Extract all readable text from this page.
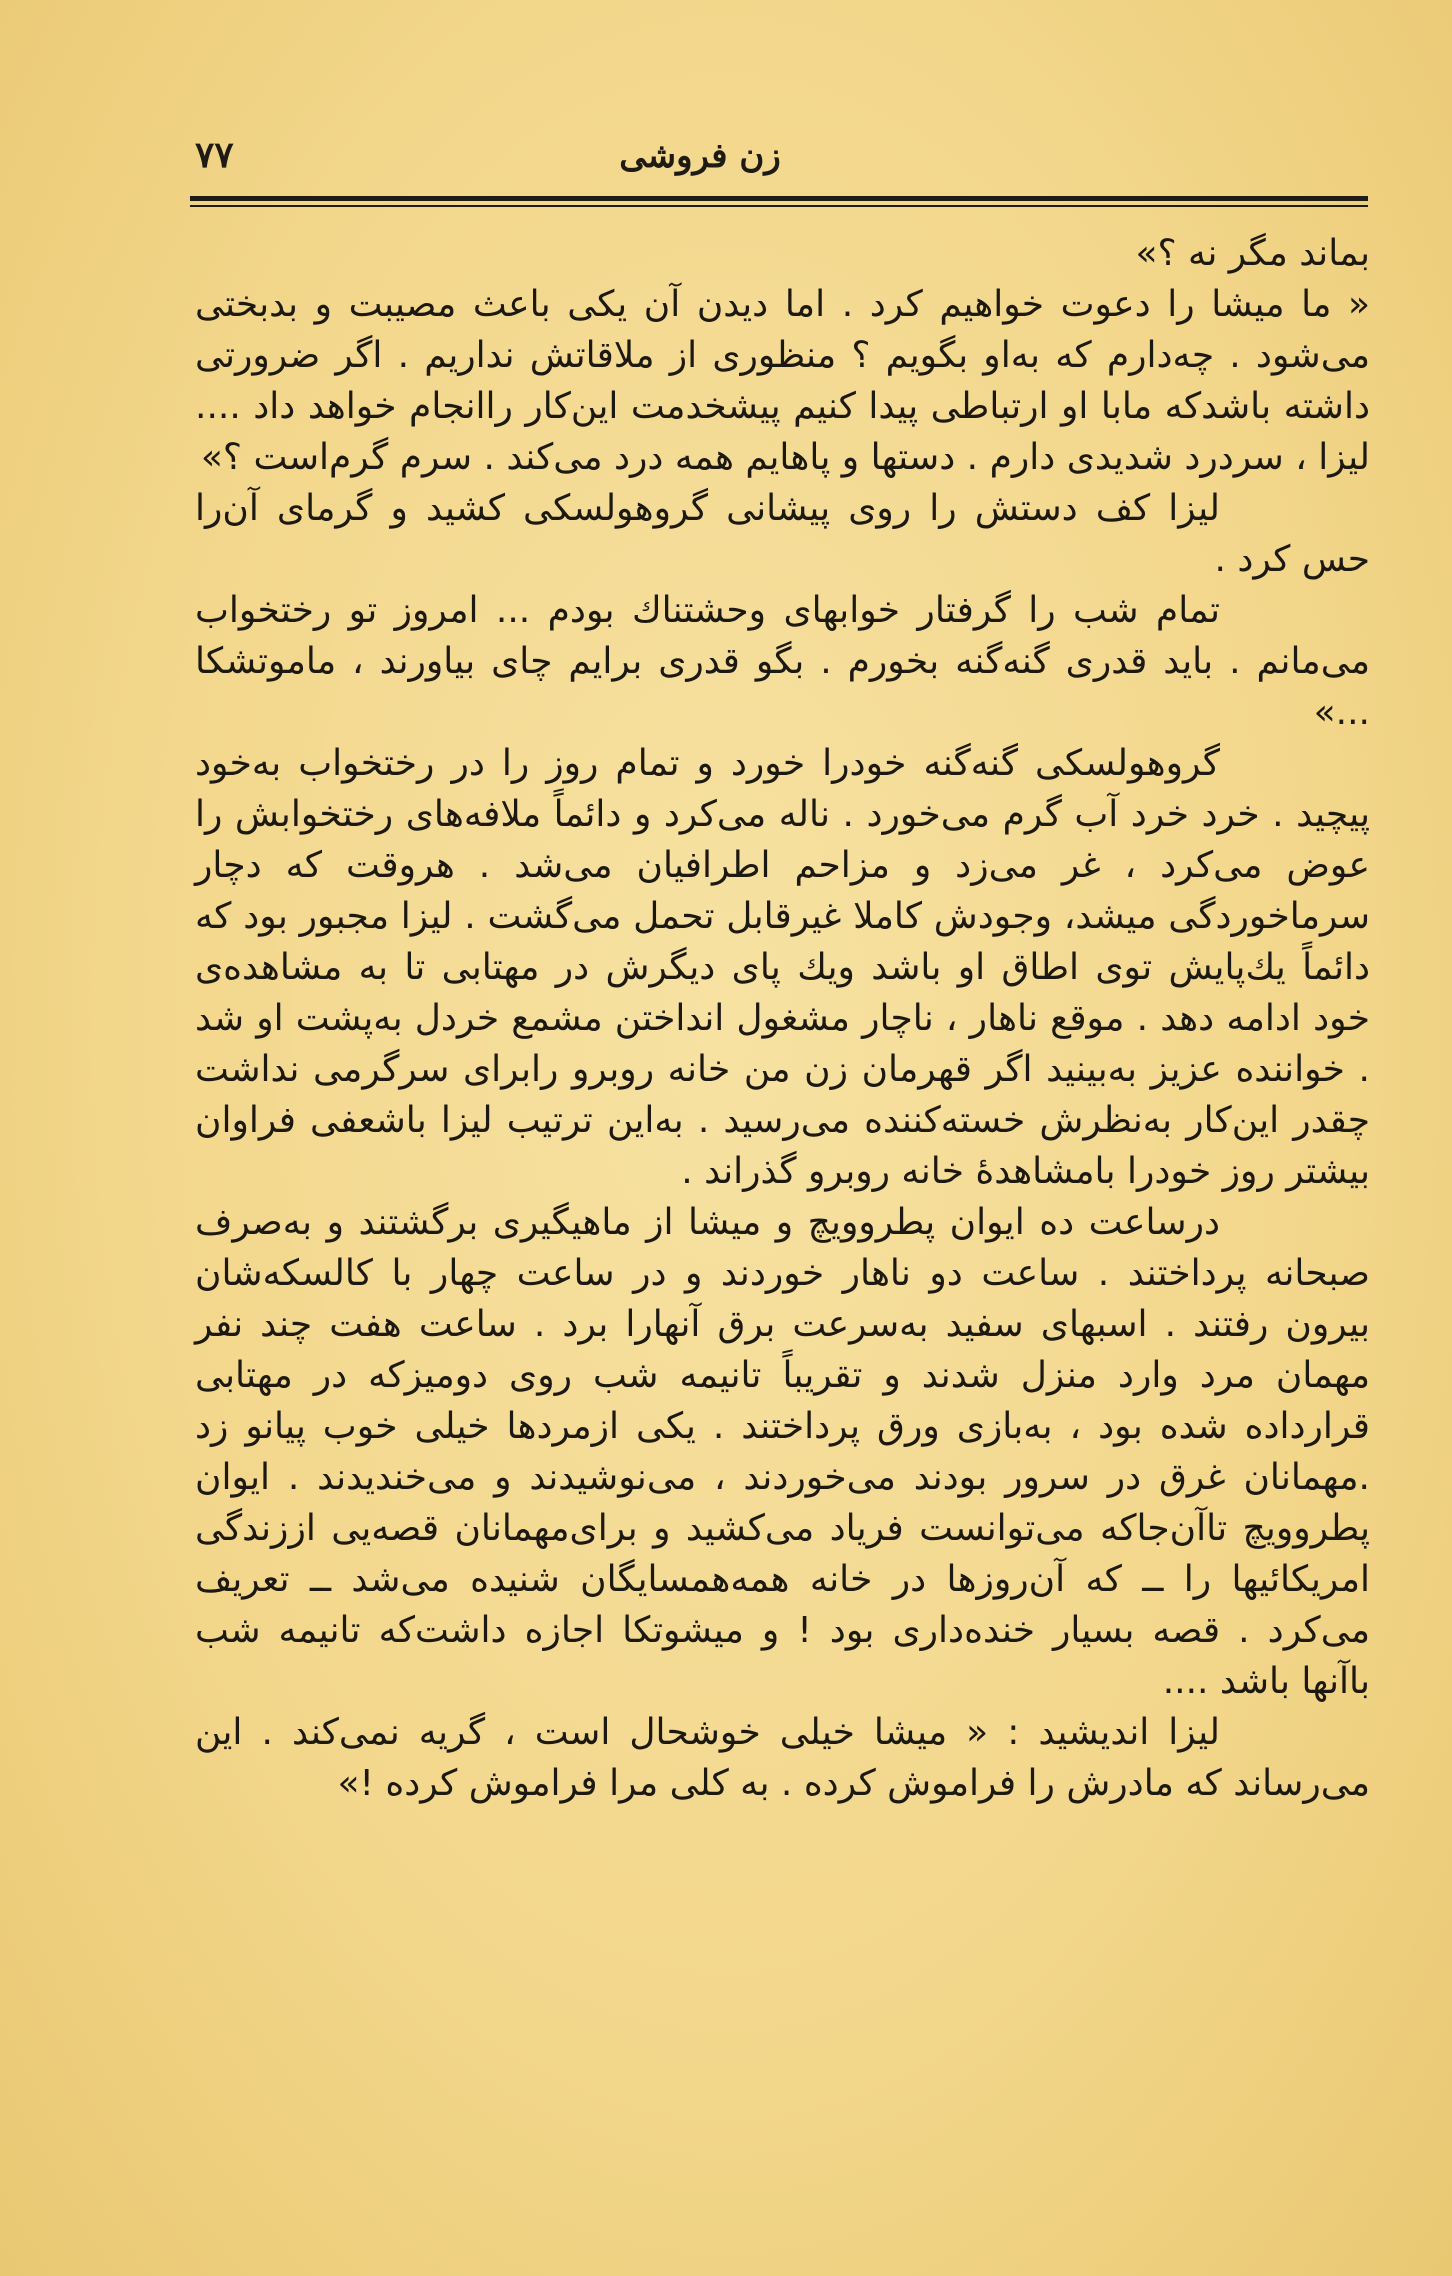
زن فروشی
۷۷

بماند مگر نه ؟»

« ما میشا را دعوت خواهیم کرد . اما دیدن آن یکی باعث مصیبت و بدبختی می‌شود . چه‌دارم که به‌او بگویم ؟ منظوری از ملاقاتش نداریم . اگر ضرورتی داشته باشدکه مابا او ارتباطی پیدا کنیم پیشخدمت این‌کار راانجام خواهد داد .... لیزا ، سردرد شدیدی دارم . دستها و پاهایم همه درد می‌کند . سرم گرم‌است ؟»

لیزا کف دستش را روی پیشانی گروهولسکی کشید و گرمای آن‌را حس کرد .

تمام شب را گرفتار خوابهای وحشتناك بودم ... امروز تو رختخواب می‌مانم . باید قدری گنه‌گنه بخورم . بگو قدری برایم چای بیاورند ، ماموتشکا ...»

گروهولسکی گنه‌گنه خودرا خورد و تمام روز را در رختخواب به‌خود پیچید . خرد خرد آب گرم می‌خورد . ناله می‌کرد و دائماً ملافه‌های رختخوابش را عوض می‌کرد ، غر می‌زد و مزاحم اطرافیان می‌شد . هروقت که دچار سرماخوردگی میشد، وجودش کاملا غیرقابل تحمل می‌گشت . لیزا مجبور بود که دائماً یك‌پایش توی اطاق او باشد ویك پای دیگرش در مهتابی تا به مشاهده‌ی خود ادامه دهد . موقع ناهار ، ناچار مشغول انداختن مشمع خردل به‌پشت او شد . خواننده عزیز به‌بینید اگر قهرمان زن من خانه روبرو رابرای سرگرمی نداشت چقدر این‌کار به‌نظرش خسته‌کننده می‌رسید . به‌این ترتیب لیزا باشعفی فراوان بیشتر روز خودرا بامشاهدهٔ خانه روبرو گذراند .

درساعت ده ایوان پطروویچ و میشا از ماهیگیری برگشتند و به‌صرف صبحانه پرداختند . ساعت دو ناهار خوردند و در ساعت چهار با کالسکه‌شان بیرون رفتند . اسبهای سفید به‌سرعت برق آنهارا برد . ساعت هفت چند نفر مهمان مرد وارد منزل شدند و تقریباً تانیمه شب روی دومیزکه در مهتابی قرارداده شده بود ، به‌بازی ورق پرداختند . یکی ازمردها خیلی خوب پیانو زد .مهمانان غرق در سرور بودند می‌خوردند ، می‌نوشیدند و می‌خندیدند . ایوان پطروویچ تاآن‌جاکه می‌توانست فریاد می‌کشید و برای‌مهمانان قصه‌یی اززندگی امریکائیها را ــ که آن‌روزها در خانه همه‌همسایگان شنیده می‌شد ــ تعریف می‌کرد . قصه بسیار خنده‌داری بود ! و میشوتکا اجازه داشت‌که تانیمه شب باآنها باشد ....

لیزا اندیشید : « میشا خیلی خوشحال است ، گریه نمی‌کند . این می‌رساند که مادرش را فراموش کرده . به کلی مرا فراموش کرده !»
